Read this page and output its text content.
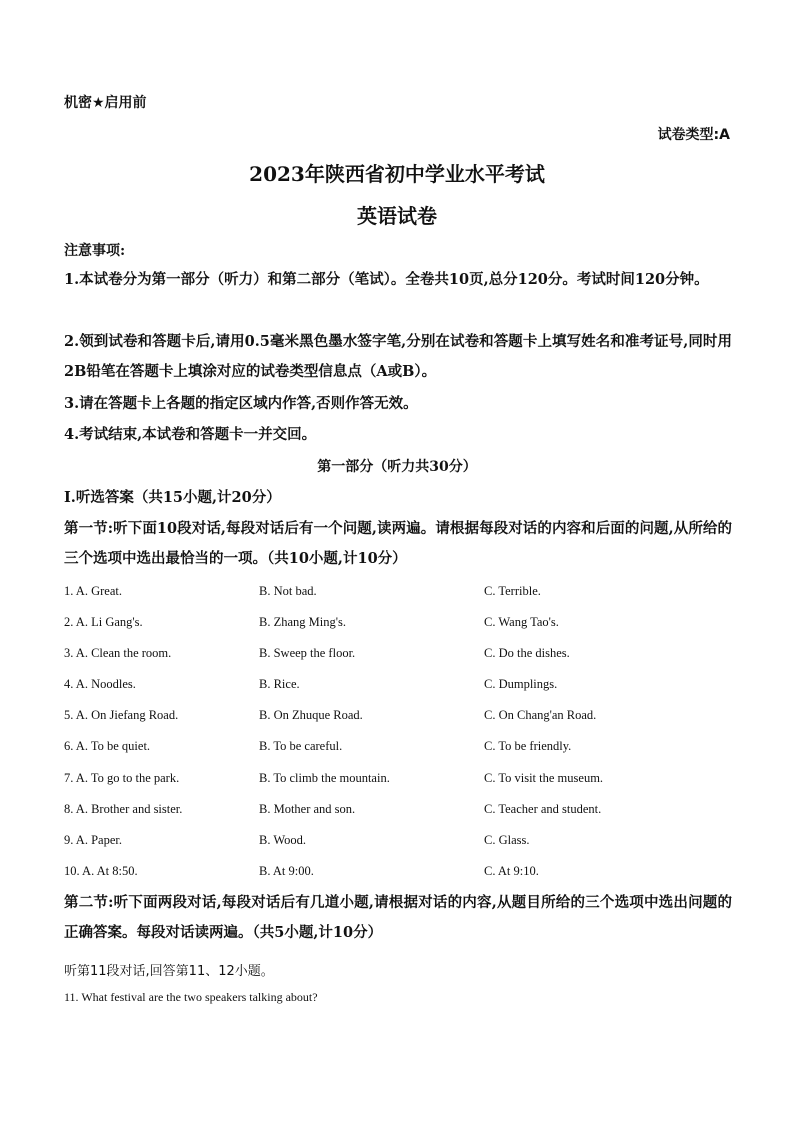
机密★启用前
试卷类型:A
2023年陕西省初中学业水平考试
英语试卷
注意事项:
1.本试卷分为第一部分（听力）和第二部分（笔试）。全卷共10页,总分120分。考试时间120分钟。
2.领到试卷和答题卡后,请用0.5毫米黑色墨水签字笔,分别在试卷和答题卡上填写姓名和准考证号,同时用2B铅笔在答题卡上填涂对应的试卷类型信息点（A或B）。
3.请在答题卡上各题的指定区域内作答,否则作答无效。
4.考试结束,本试卷和答题卡一并交回。
第一部分（听力共30分）
I.听选答案（共15小题,计20分）
第一节:听下面10段对话,每段对话后有一个问题,读两遍。请根据每段对话的内容和后面的问题,从所给的三个选项中选出最恰当的一项。（共10小题,计10分）
1. A. Great.	B. Not bad.	C. Terrible.
2. A. Li Gang's.	B. Zhang Ming's.	C. Wang Tao's.
3. A. Clean the room.	B. Sweep the floor.	C. Do the dishes.
4. A. Noodles.	B. Rice.	C. Dumplings.
5. A. On Jiefang Road.	B. On Zhuque Road.	C. On Chang'an Road.
6. A. To be quiet.	B. To be careful.	C. To be friendly.
7. A. To go to the park.	B. To climb the mountain.	C. To visit the museum.
8. A. Brother and sister.	B. Mother and son.	C. Teacher and student.
9. A. Paper.	B. Wood.	C. Glass.
10. A. At 8:50.	B. At 9:00.	C. At 9:10.
第二节:听下面两段对话,每段对话后有几道小题,请根据对话的内容,从题目所给的三个选项中选出问题的正确答案。每段对话读两遍。（共5小题,计10分）
听第11段对话,回答第11、12小题。
11. What festival are the two speakers talking about?
